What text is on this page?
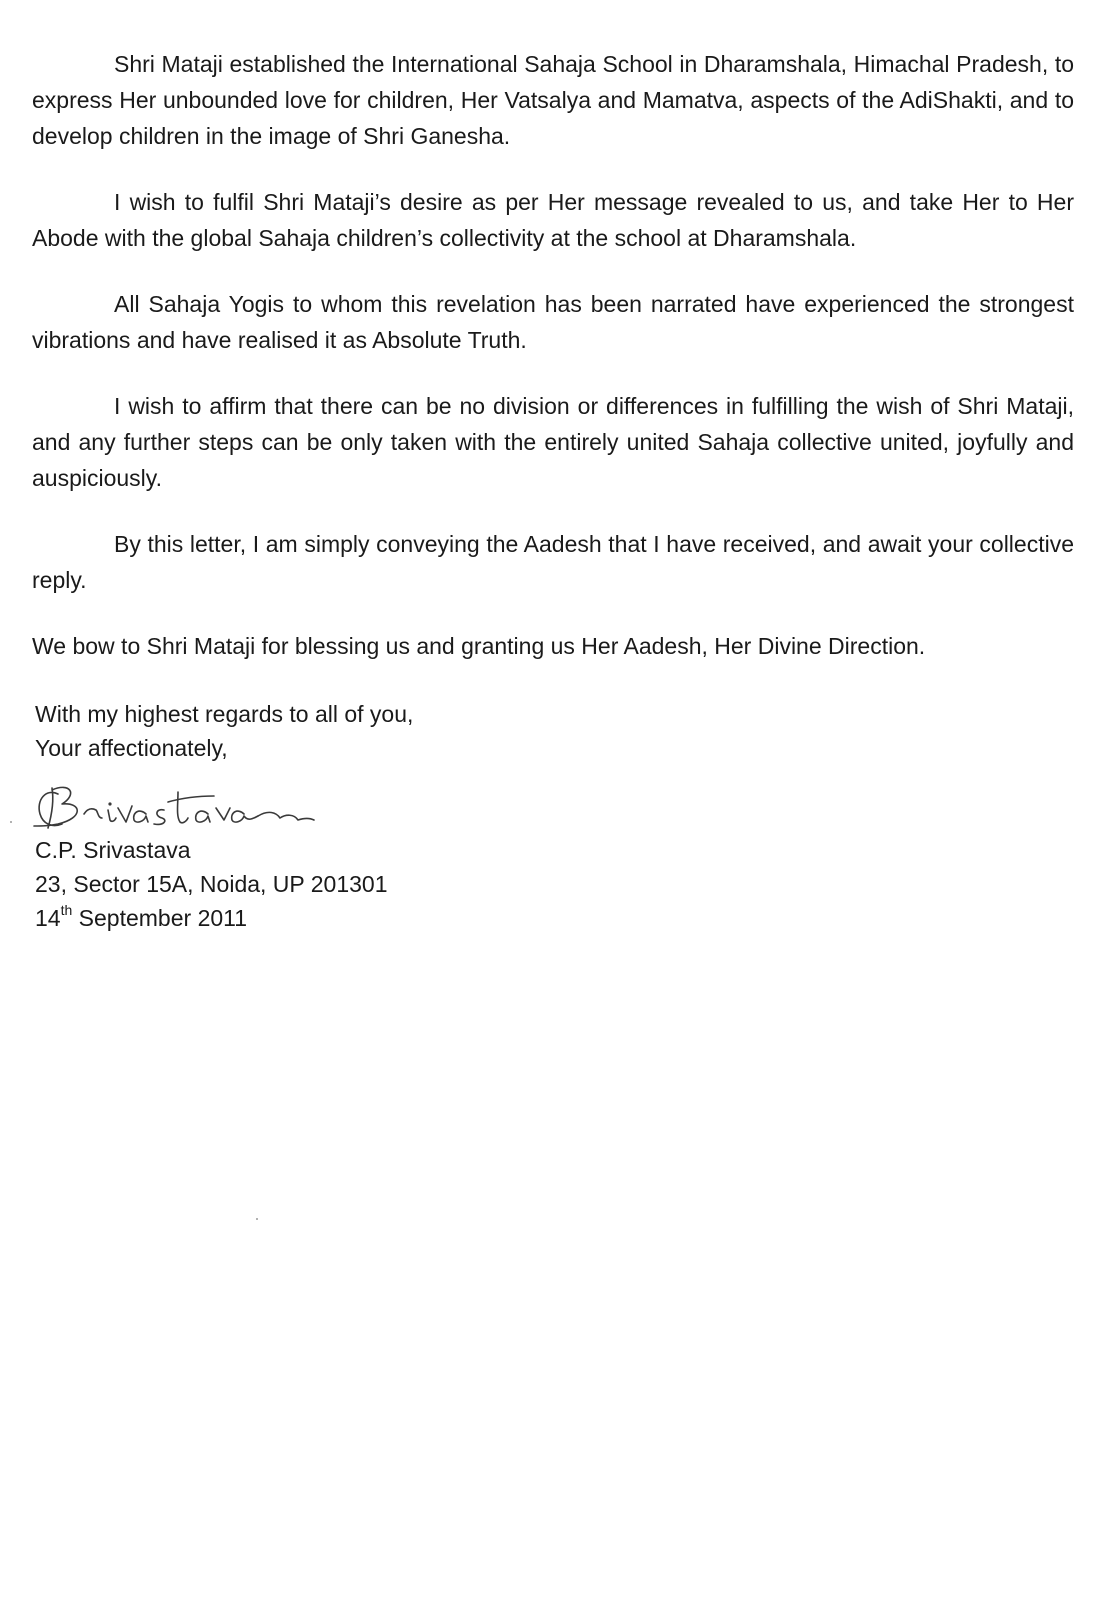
Shri Mataji established the International Sahaja School in Dharamshala, Himachal Pradesh, to express Her unbounded love for children, Her Vatsalya and Mamatva, aspects of the AdiShakti, and to develop children in the image of Shri Ganesha.

I wish to fulfil Shri Mataji’s desire as per Her message revealed to us, and take Her to Her Abode with the global Sahaja children’s collectivity at the school at Dharamshala.

All Sahaja Yogis to whom this revelation has been narrated have experienced the strongest vibrations and have realised it as Absolute Truth.

I wish to affirm that there can be no division or differences in fulfilling the wish of Shri Mataji, and any further steps can be only taken with the entirely united Sahaja collective united, joyfully and auspiciously.

By this letter, I am simply conveying the Aadesh that I have received, and await your collective reply.

We bow to Shri Mataji for blessing us and granting us Her Aadesh, Her Divine Direction.

With my highest regards to all of you,
Your affectionately,
C.P. Srivastava
23, Sector 15A, Noida, UP 201301
14th September 2011
